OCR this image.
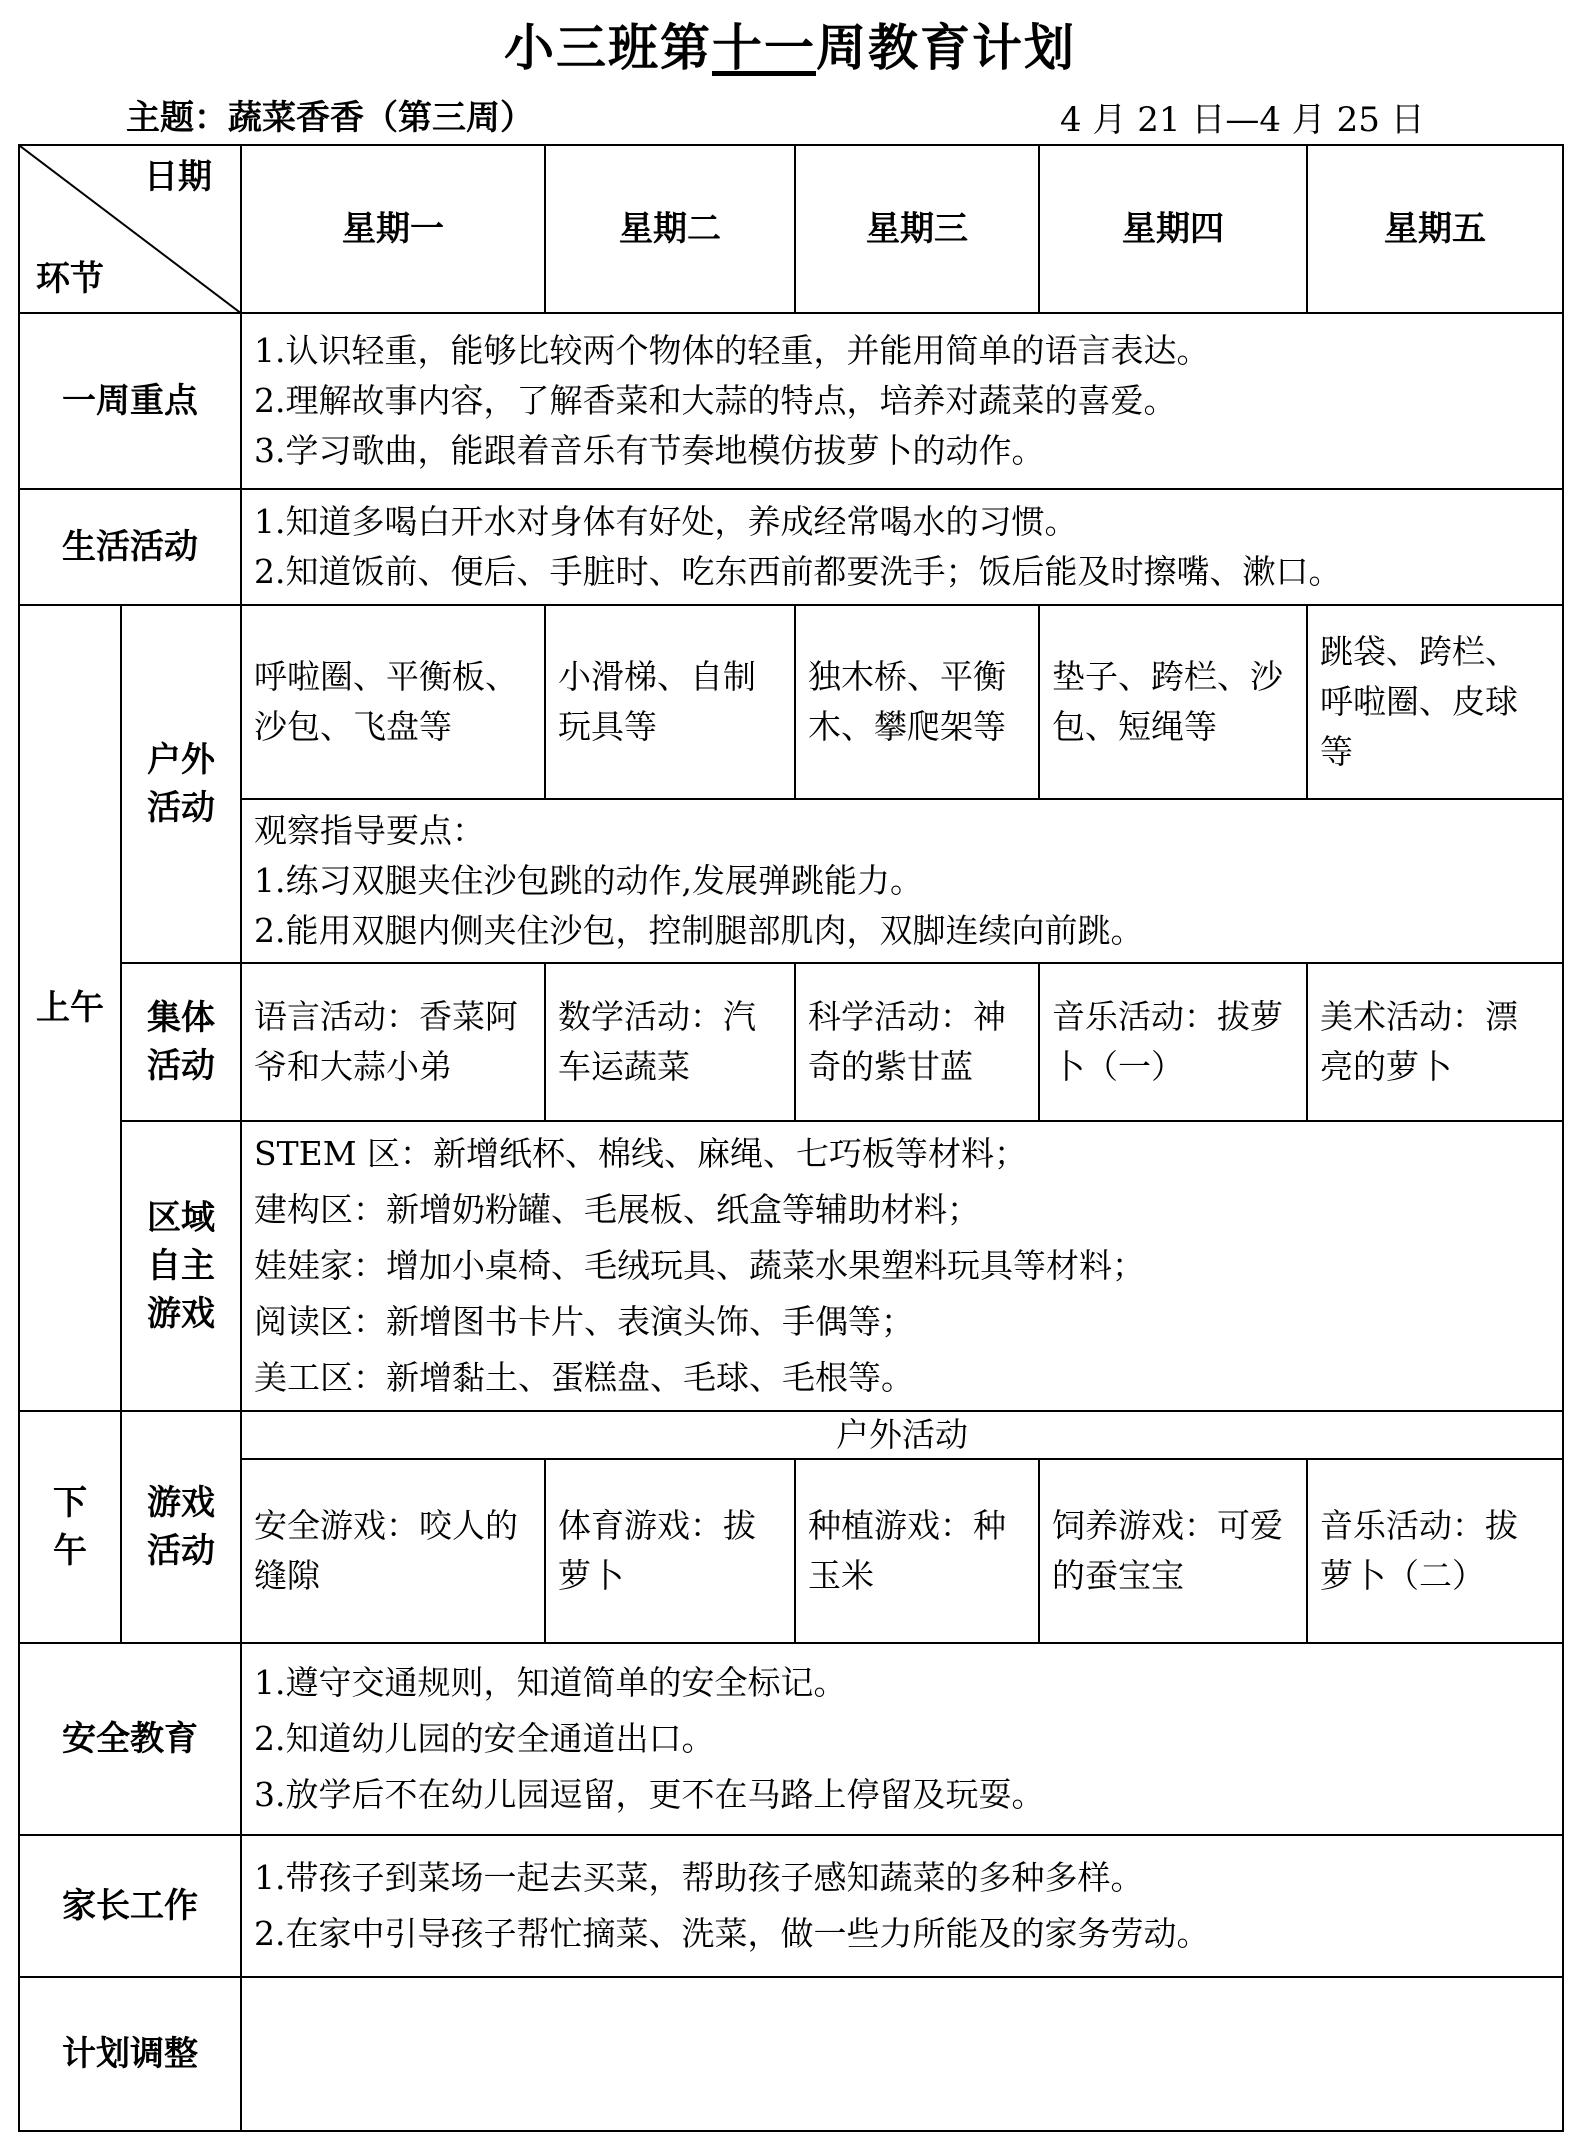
小三班第十一周教育计划
主题：蔬菜香香（第三周）	4 月 21 日—4 月 25 日
日期
环节		星期一	星期二	星期三	星期四	星期五
一周重点		1.认识轻重，能够比较两个物体的轻重，并能用简单的语言表达。
2.理解故事内容，了解香菜和大蒜的特点，培养对蔬菜的喜爱。
3.学习歌曲，能跟着音乐有节奏地模仿拔萝卜的动作。				

生活活动		1.知道多喝白开水对身体有好处，养成经常喝水的习惯。
2.知道饭前、便后、手脏时、吃东西前都要洗手；饭后能及时擦嘴、漱口。				

上午	户外活动	呼啦圈、平衡板、沙包、飞盘等	小滑梯、自制玩具等	独木桥、平衡木、攀爬架等	垫子、跨栏、沙包、短绳等	跳袋、跨栏、呼啦圈、皮球等

		观察指导要点：
1.练习双腿夹住沙包跳的动作,发展弹跳能力。
2.能用双腿内侧夹住沙包，控制腿部肌肉，双脚连续向前跳。				

	集体活动	语言活动：香菜阿爷和大蒜小弟	数学活动：汽车运蔬菜	科学活动：神奇的紫甘蓝	音乐活动：拔萝卜（一）	美术活动：漂亮的萝卜

	区域自主游戏	STEM 区：新增纸杯、棉线、麻绳、七巧板等材料；
建构区：新增奶粉罐、毛展板、纸盒等辅助材料；
娃娃家：增加小桌椅、毛绒玩具、蔬菜水果塑料玩具等材料；
阅读区：新增图书卡片、表演头饰、手偶等；
美工区：新增黏土、蛋糕盘、毛球、毛根等。				

下午	游戏活动	户外活动				

		安全游戏：咬人的缝隙	体育游戏：拔萝卜	种植游戏：种玉米	饲养游戏：可爱的蚕宝宝	音乐活动：拔萝卜（二）

安全教育		1.遵守交通规则，知道简单的安全标记。
2.知道幼儿园的安全通道出口。
3.放学后不在幼儿园逗留，更不在马路上停留及玩耍。				

家长工作		1.带孩子到菜场一起去买菜，帮助孩子感知蔬菜的多种多样。
2.在家中引导孩子帮忙摘菜、洗菜，做一些力所能及的家务劳动。				

计划调整						
